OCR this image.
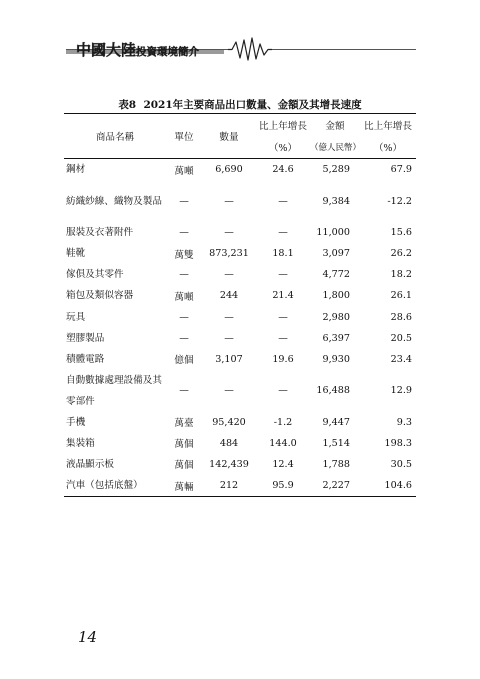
中國大陸投資環境簡介
表8 2021年主要商品出口數量、金額及其增長速度
商品名稱	單位	數量	比上年增長	金額	比上年增長
			（%）	（億人民幣）	（%）
鋼材	萬噸	6,690	24.6	5,289	67.9
紡織紗線、織物及製品	—	—	—	9,384	-12.2
服裝及衣著附件	—	—	—	11,000	15.6
鞋靴	萬雙	873,231	18.1	3,097	26.2
傢俱及其零件	—	—	—	4,772	18.2
箱包及類似容器	萬噸	244	21.4	1,800	26.1
玩具	—	—	—	2,980	28.6
塑膠製品	—	—	—	6,397	20.5
積體電路	億個	3,107	19.6	9,930	23.4
自動數據處理設備及其零部件	—	—	—	16,488	12.9
手機	萬臺	95,420	-1.2	9,447	9.3
集裝箱	萬個	484	144.0	1,514	198.3
液晶顯示板	萬個	142,439	12.4	1,788	30.5
汽車（包括底盤）	萬輛	212	95.9	2,227	104.6
14
